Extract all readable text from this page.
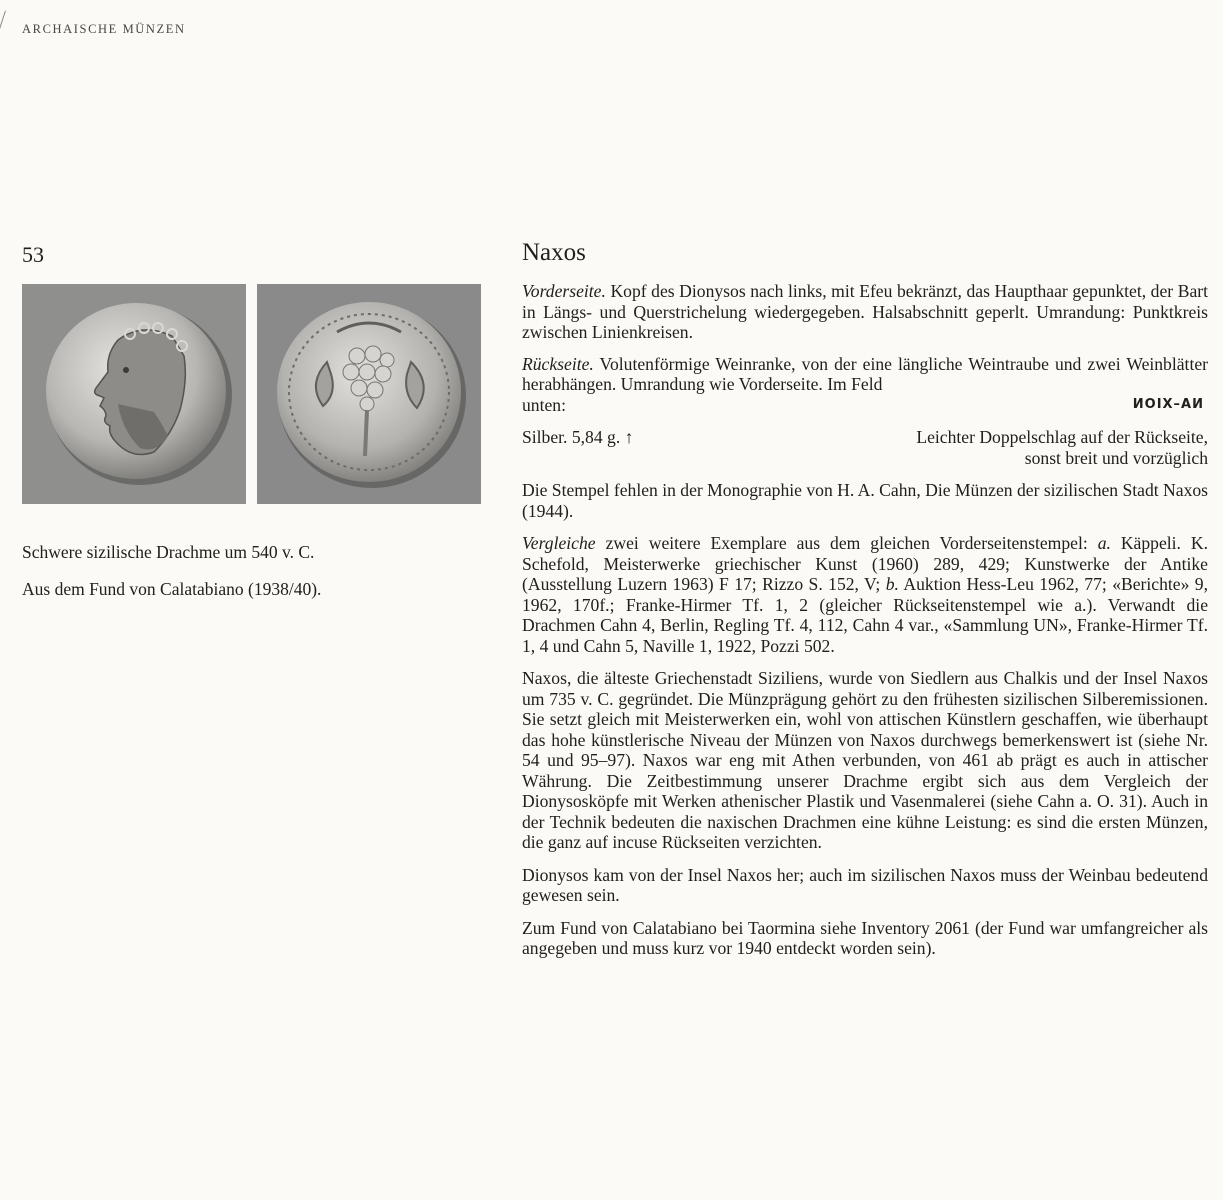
ARCHAISCHE MÜNZEN
53
Schwere sizilische Drachme um 540 v. C.
Aus dem Fund von Calatabiano (1938/40).
Naxos

Vorderseite. Kopf des Dionysos nach links, mit Efeu bekränzt, das Haupthaar gepunktet, der Bart in Längs- und Querstrichelung wiedergegeben. Halsabschnitt geperlt. Umrandung: Punktkreis zwischen Linienkreisen.

Rückseite. Volutenförmige Weinranke, von der eine längliche Weintraube und zwei Weinblätter herabhängen. Umrandung wie Vorderseite. Im Feld

unten:	ИOIX–AИ
Silber. 5,84 g. ↑	Leichter Doppelschlag auf der Rückseite,
sonst breit und vorzüglich

Die Stempel fehlen in der Monographie von H. A. Cahn, Die Münzen der sizilischen Stadt Naxos (1944).

Vergleiche zwei weitere Exemplare aus dem gleichen Vorderseitenstempel: a. Käppeli. K. Schefold, Meisterwerke griechischer Kunst (1960) 289, 429; Kunstwerke der Antike (Ausstellung Luzern 1963) F 17; Rizzo S. 152, V; b. Auktion Hess-Leu 1962, 77; «Berichte» 9, 1962, 170f.; Franke-Hirmer Tf. 1, 2 (gleicher Rückseitenstempel wie a.). Verwandt die Drachmen Cahn 4, Berlin, Regling Tf. 4, 112, Cahn 4 var., «Sammlung UN», Franke-Hirmer Tf. 1, 4 und Cahn 5, Naville 1, 1922, Pozzi 502.

Naxos, die älteste Griechenstadt Siziliens, wurde von Siedlern aus Chalkis und der Insel Naxos um 735 v. C. gegründet. Die Münzprägung gehört zu den frühesten sizilischen Silberemissionen. Sie setzt gleich mit Meisterwerken ein, wohl von attischen Künstlern geschaffen, wie überhaupt das hohe künstlerische Niveau der Münzen von Naxos durchwegs bemerkenswert ist (siehe Nr. 54 und 95–97). Naxos war eng mit Athen verbunden, von 461 ab prägt es auch in attischer Währung. Die Zeitbestimmung unserer Drachme ergibt sich aus dem Vergleich der Dionysosköpfe mit Werken athenischer Plastik und Vasenmalerei (siehe Cahn a. O. 31). Auch in der Technik bedeuten die naxischen Drachmen eine kühne Leistung: es sind die ersten Münzen, die ganz auf incuse Rückseiten verzichten.

Dionysos kam von der Insel Naxos her; auch im sizilischen Naxos muss der Weinbau bedeutend gewesen sein.

Zum Fund von Calatabiano bei Taormina siehe Inventory 2061 (der Fund war umfangreicher als angegeben und muss kurz vor 1940 entdeckt worden sein).
